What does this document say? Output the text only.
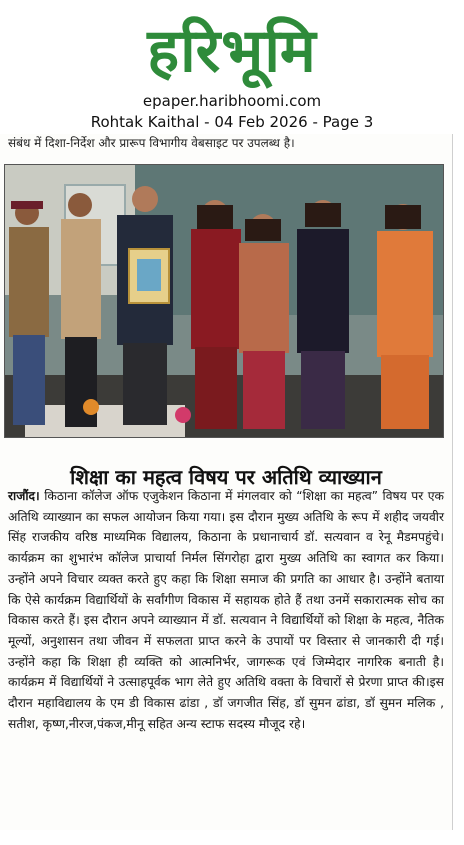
हरिभूमि
epaper.haribhoomi.com
Rohtak Kaithal - 04 Feb 2026 - Page 3
संबंध में दिशा-निर्देश और प्रारूप विभागीय वेबसाइट पर उपलब्ध है।
शिक्षा का महत्व विषय पर अतिथि व्याख्यान
राजौंद। किठाना कॉलेज ऑफ एजुकेशन किठाना में मंगलवार को “शिक्षा का महत्व” विषय पर एक अतिथि व्याख्यान का सफल आयोजन किया गया। इस दौरान मुख्य अतिथि के रूप में शहीद जयवीर सिंह राजकीय वरिष्ठ माध्यमिक विद्यालय, किठाना के प्रधानाचार्य डॉ. सत्यवान व रेनू मैडमपहुंचे। कार्यक्रम का शुभारंभ कॉलेज प्राचार्या निर्मल सिंगरोहा द्वारा मुख्य अतिथि का स्वागत कर किया। उन्होंने अपने विचार व्यक्त करते हुए कहा कि शिक्षा समाज की प्रगति का आधार है। उन्होंने बताया कि ऐसे कार्यक्रम विद्यार्थियों के सर्वांगीण विकास में सहायक होते हैं तथा उनमें सकारात्मक सोच का विकास करते हैं। इस दौरान अपने व्याख्यान में डॉ. सत्यवान ने विद्यार्थियों को शिक्षा के महत्व, नैतिक मूल्यों, अनुशासन तथा जीवन में सफलता प्राप्त करने के उपायों पर विस्तार से जानकारी दी गई। उन्होंने कहा कि शिक्षा ही व्यक्ति को आत्मनिर्भर, जागरूक एवं जिम्मेदार नागरिक बनाती है। कार्यक्रम में विद्यार्थियों ने उत्साहपूर्वक भाग लेते हुए अतिथि वक्ता के विचारों से प्रेरणा प्राप्त की।इस दौरान महाविद्यालय के एम डी विकास ढांडा , डॉ जगजीत सिंह, डॉ सुमन ढांडा, डॉ सुमन मलिक , सतीश, कृष्ण,नीरज,पंकज,मीनू सहित अन्य स्टाफ सदस्य मौजूद रहे।
